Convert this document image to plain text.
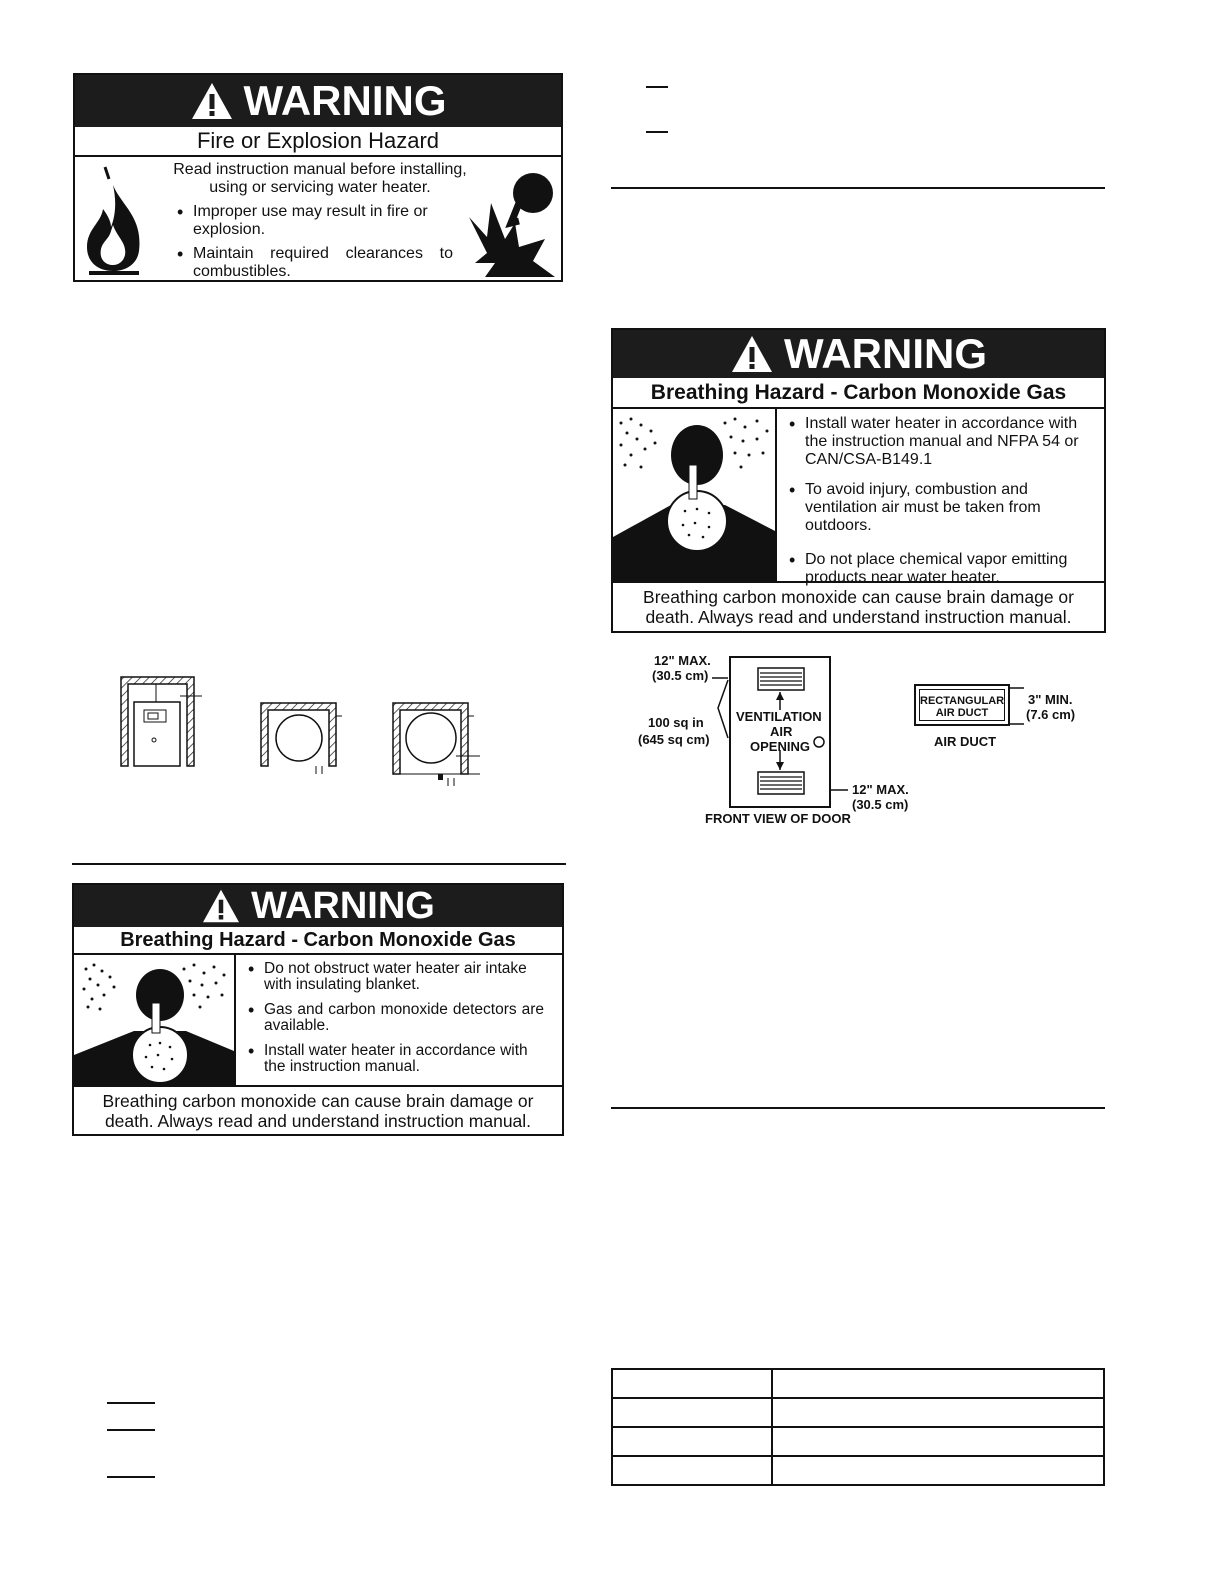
WARNING
Fire or Explosion Hazard
Read instruction manual before installing, using or servicing water heater.
• Improper use may result in fire or explosion.
• Maintain required clearances to combustibles.
WARNING
Breathing Hazard - Carbon Monoxide Gas
• Do not obstruct water heater air intake with insulating blanket.
• Gas and carbon monoxide detectors are available.
• Install water heater in accordance with the instruction manual.
Breathing carbon monoxide can cause brain damage or death. Always read and understand instruction manual.
WARNING
Breathing Hazard - Carbon Monoxide Gas
• Install water heater in accordance with the instruction manual and NFPA 54 or CAN/CSA-B149.1
• To avoid injury, combustion and ventilation air must be taken from outdoors.
• Do not place chemical vapor emitting products near water heater.
Breathing carbon monoxide can cause brain damage or death. Always read and understand instruction manual.
12" MAX.
(30.5 cm)
100 sq in
(645 sq cm)
VENTILATION
AIR
OPENING
12" MAX.
(30.5 cm)
FRONT VIEW OF DOOR
RECTANGULAR
AIR DUCT
3" MIN.
(7.6 cm)
AIR DUCT
